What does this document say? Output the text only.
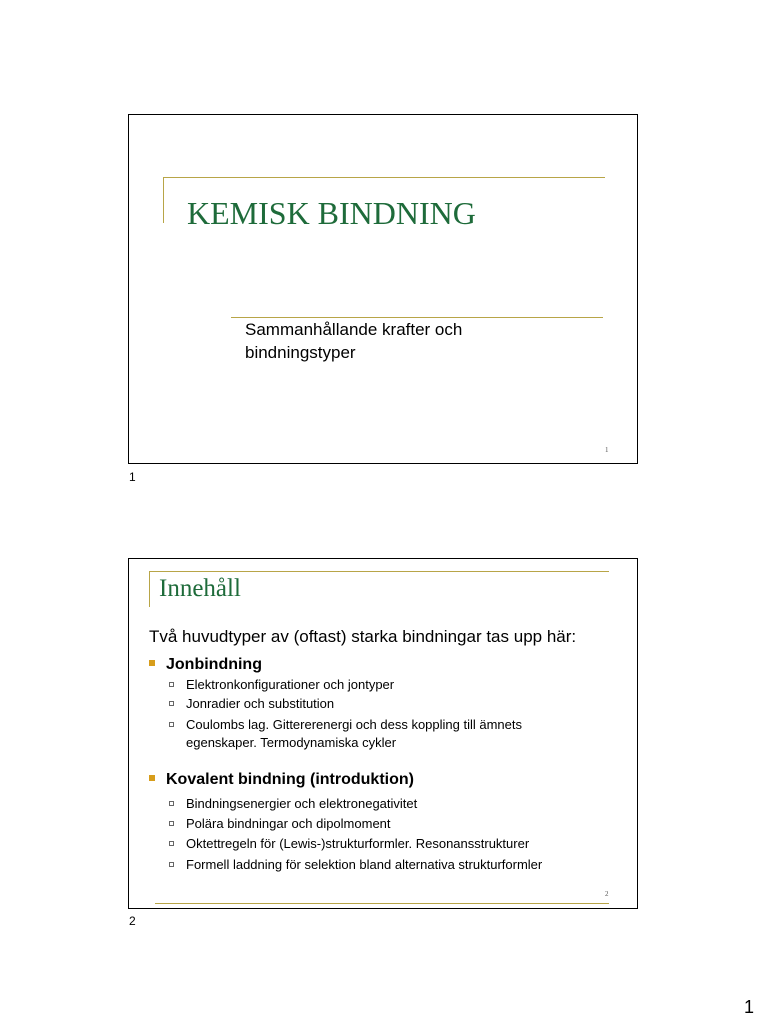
KEMISK BINDNING
Sammanhållande krafter och bindningstyper
1
1
Innehåll
Två huvudtyper av (oftast) starka bindningar tas upp här:
Jonbindning
Elektronkonfigurationer och jontyper
Jonradier och substitution
Coulombs lag. Gittererenergi och dess koppling till ämnets egenskaper. Termodynamiska cykler
Kovalent bindning (introduktion)
Bindningsenergier och elektronegativitet
Polära bindningar och dipolmoment
Oktettregeln för (Lewis-)strukturformler. Resonansstrukturer
Formell laddning för selektion bland alternativa strukturformler
2
2
1
